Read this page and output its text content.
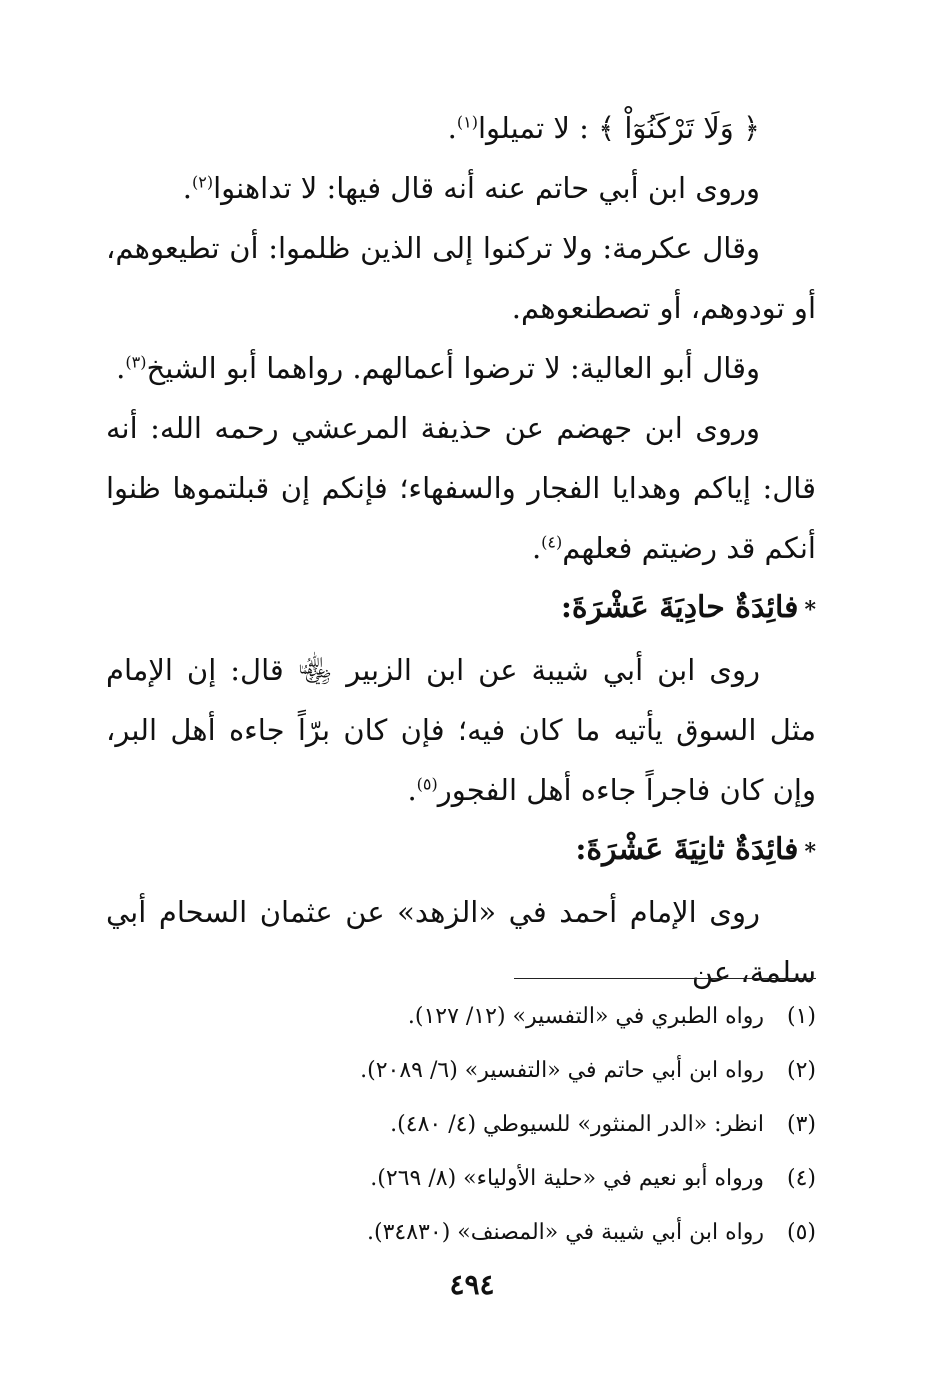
﴿ وَلَا تَرْكَنُوٓاْ ﴾ : لا تميلوا$^{(١)}$.

وروى ابن أبي حاتم عنه أنه قال فيها: لا تداهنوا$^{(٢)}$.

وقال عكرمة: ولا تركنوا إلى الذين ظلموا: أن تطيعوهم، أو تودوهم، أو تصطنعوهم.

وقال أبو العالية: لا ترضوا أعمالهم. رواهما أبو الشيخ$^{(٣)}$.

وروى ابن جهضم عن حذيفة المرعشي رحمه الله: أنه قال: إياكم وهدايا الفجار والسفهاء؛ فإنكم إن قبلتموها ظنوا أنكم قد رضيتم فعلهم$^{(٤)}$.

*فائِدَةٌ حادِيَةَ عَشْرَةَ:

روى ابن أبي شيبة عن ابن الزبير ﵄ قال: إن الإمام مثل السوق يأتيه ما كان فيه؛ فإن كان برّاً جاءه أهل البر، وإن كان فاجراً جاءه أهل الفجور$^{(٥)}$.

*فائِدَةٌ ثانِيَةَ عَشْرَةَ:

روى الإمام أحمد في «الزهد» عن عثمان السحام أبي سلمة، عن

(١)
رواه الطبري في «التفسير» (١٢/ ١٢٧).
(٢)
رواه ابن أبي حاتم في «التفسير» (٦/ ٢٠٨٩).
(٣)
انظر: «الدر المنثور» للسيوطي (٤/ ٤٨٠).
(٤)
ورواه أبو نعيم في «حلية الأولياء» (٨/ ٢٦٩).
(٥)
رواه ابن أبي شيبة في «المصنف» (٣٤٨٣٠).
٤٩٤
